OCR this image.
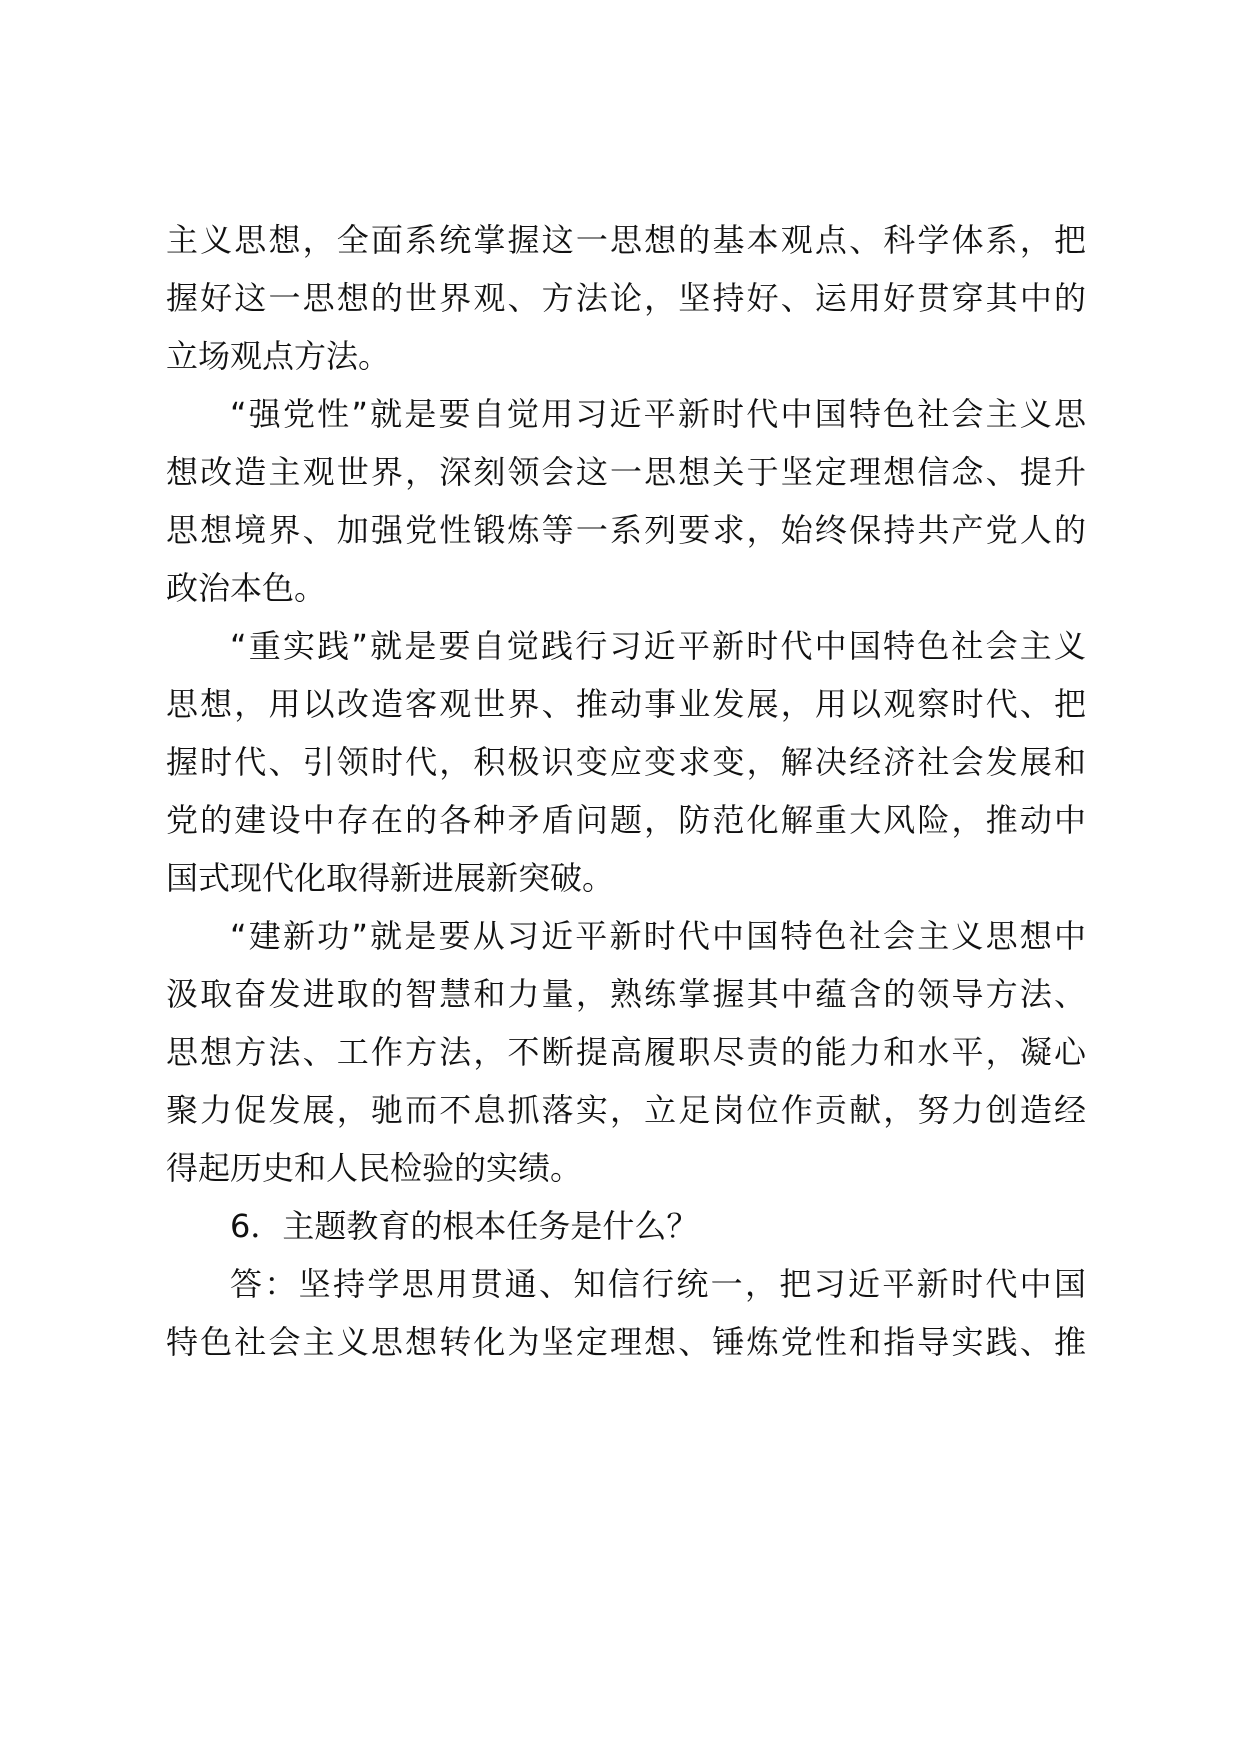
主义思想，全面系统掌握这一思想的基本观点、科学体系，把
握好这一思想的世界观、方法论，坚持好、运用好贯穿其中的
立场观点方法。
“强党性”就是要自觉用习近平新时代中国特色社会主义思
想改造主观世界，深刻领会这一思想关于坚定理想信念、提升
思想境界、加强党性锻炼等一系列要求，始终保持共产党人的
政治本色。
“重实践”就是要自觉践行习近平新时代中国特色社会主义
思想，用以改造客观世界、推动事业发展，用以观察时代、把
握时代、引领时代，积极识变应变求变，解决经济社会发展和
党的建设中存在的各种矛盾问题，防范化解重大风险，推动中
国式现代化取得新进展新突破。
“建新功”就是要从习近平新时代中国特色社会主义思想中
汲取奋发进取的智慧和力量，熟练掌握其中蕴含的领导方法、
思想方法、工作方法，不断提高履职尽责的能力和水平，凝心
聚力促发展，驰而不息抓落实，立足岗位作贡献，努力创造经
得起历史和人民检验的实绩。
6．主题教育的根本任务是什么？
答：坚持学思用贯通、知信行统一，把习近平新时代中国
特色社会主义思想转化为坚定理想、锤炼党性和指导实践、推
